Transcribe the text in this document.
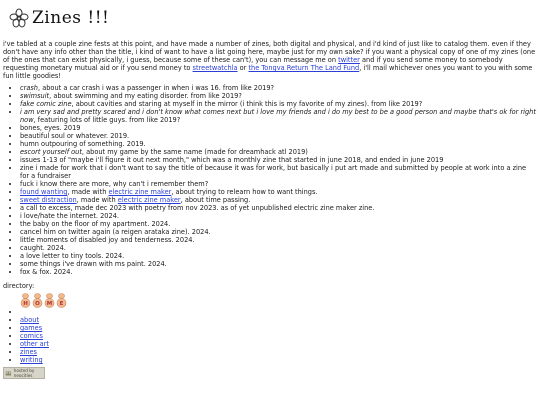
Zines !!!
i've tabled at a couple zine fests at this point, and have made a number of zines, both digital and physical, and i'd kind of just like to catalog them. even if they don't have any info other than the title, i kind of want to have a list going here, maybe just for my own sake? if you want a physical copy of one of my zines (one of the ones that can exist physically, i guess, because some of these can't), you can message me on twitter and if you send some money to somebody requesting monetary mutual aid or if you send money to streetwatchla or the Tongva Return The Land Fund, i'll mail whichever ones you want to you with some fun little goodies!
• crash, about a car crash i was a passenger in when i was 16. from like 2019?
• swimsuit, about swimming and my eating disorder. from like 2019?
• fake comic zine, about cavities and staring at myself in the mirror (i think this is my favorite of my zines). from like 2019?
• i am very sad and pretty scared and i don't know what comes next but i love my friends and i do my best to be a good person and maybe that's ok for right now, featuring lots of little guys. from like 2019?
• bones, eyes. 2019
• beautiful soul or whatever. 2019.
• humn outpouring of something. 2019.
• escort yourself out, about my game by the same name (made for dreamhack atl 2019)
• issues 1-13 of "maybe i'll figure it out next month," which was a monthly zine that started in june 2018, and ended in june 2019
• zine i made for work that i don't want to say the title of because it was for work, but basically i put art made and submitted by people at work into a zine for a fundraiser
• fuck i know there are more, why can't i remember them?
• found wanting, made with electric zine maker, about trying to relearn how to want things.
• sweet distraction, made with electric zine maker, about time passing.
• a call to excess, made dec 2023 with poetry from nov 2023. as of yet unpublished electric zine maker zine.
• i love/hate the internet. 2024.
• the baby on the floor of my apartment. 2024.
• cancel him on twitter again (a reigen arataka zine). 2024.
• little moments of disabled joy and tenderness. 2024.
• caught. 2024.
• a love letter to tiny tools. 2024.
• some things i've drawn with ms paint. 2024.
• fox & fox. 2024.
directory:
H O M E
•
• about
• games
• comics
• other art
• zines
• writing
hosted by neocities
